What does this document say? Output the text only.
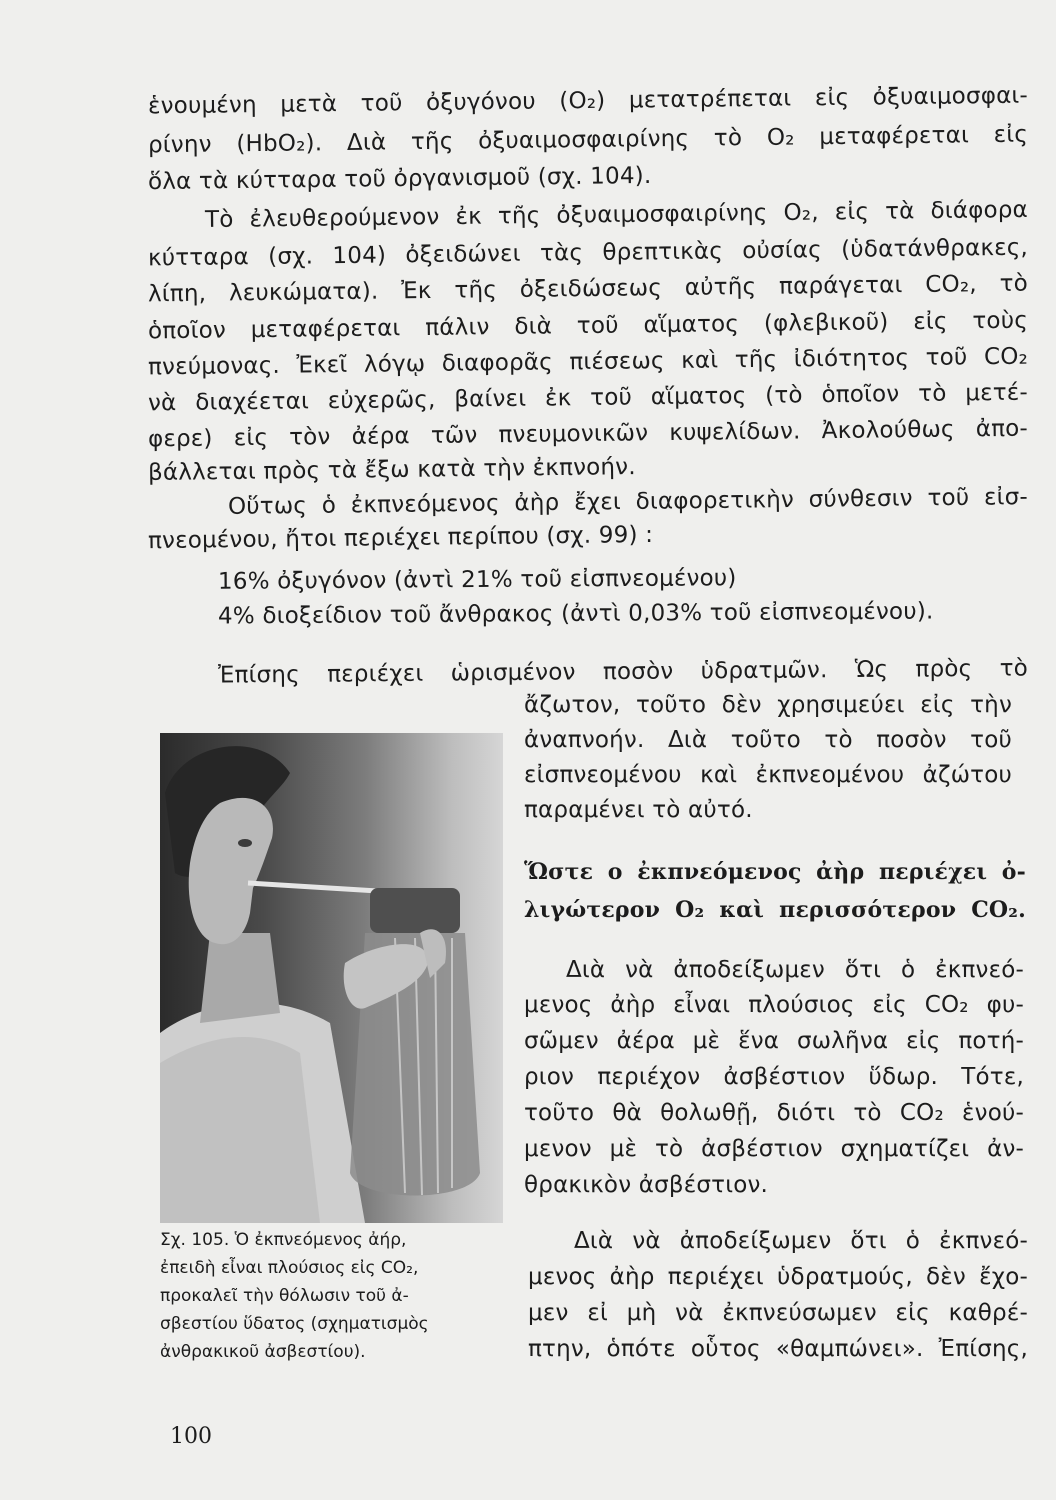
ἑνουμένη μετὰ τοῦ ὀξυγόνου (O₂) μετατρέπεται εἰς ὀξυαιμοσφαι-
ρίνην (HbO₂). Διὰ τῆς ὀξυαιμοσφαιρίνης τὸ O₂ μεταφέρεται εἰς
ὅλα τὰ κύτταρα τοῦ ὀργανισμοῦ (σχ. 104).
Τὸ ἐλευθερούμενον ἐκ τῆς ὀξυαιμοσφαιρίνης O₂, εἰς τὰ διάφορα
κύτταρα (σχ. 104) ὀξειδώνει τὰς θρεπτικὰς οὐσίας (ὑδατάνθρακες,
λίπη, λευκώματα). Ἐκ τῆς ὀξειδώσεως αὐτῆς παράγεται CO₂, τὸ
ὁποῖον μεταφέρεται πάλιν διὰ τοῦ αἵματος (φλεβικοῦ) εἰς τοὺς
πνεύμονας. Ἐκεῖ λόγῳ διαφορᾶς πιέσεως καὶ τῆς ἰδιότητος τοῦ CO₂
νὰ διαχέεται εὐχερῶς, βαίνει ἐκ τοῦ αἵματος (τὸ ὁποῖον τὸ μετέ-
φερε) εἰς τὸν ἀέρα τῶν πνευμονικῶν κυψελίδων. Ἀκολούθως ἀπο-
βάλλεται πρὸς τὰ ἔξω κατὰ τὴν ἐκπνοήν.
Οὕτως ὁ ἐκπνεόμενος ἀὴρ ἔχει διαφορετικὴν σύνθεσιν τοῦ εἰσ-
πνεομένου, ἤτοι περιέχει περίπου (σχ. 99) :
16% ὀξυγόνον (ἀντὶ 21% τοῦ εἰσπνεομένου)
4% διοξείδιον τοῦ ἄνθρακος (ἀντὶ 0,03% τοῦ εἰσπνεομένου).
Ἐπίσης περιέχει ὡρισμένον ποσὸν ὑδρατμῶν. Ὡς πρὸς τὸ
ἄζωτον, τοῦτο δὲν χρησιμεύει εἰς τὴν
ἀναπνοήν. Διὰ τοῦτο τὸ ποσὸν τοῦ
εἰσπνεομένου καὶ ἐκπνεομένου ἀζώτου
παραμένει τὸ αὐτό.
Ὥστε ο ἐκπνεόμενος ἀὴρ περιέχει ὀ-
λιγώτερον O₂ καὶ περισσότερον CO₂.
Διὰ νὰ ἀποδείξωμεν ὅτι ὁ ἐκπνεό-
μενος ἀὴρ εἶναι πλούσιος εἰς CO₂ φυ-
σῶμεν ἀέρα μὲ ἕνα σωλῆνα εἰς ποτή-
ριον περιέχον ἀσβέστιον ὕδωρ. Τότε,
τοῦτο θὰ θολωθῇ, διότι τὸ CO₂ ἑνού-
μενον μὲ τὸ ἀσβέστιον σχηματίζει ἀν-
θρακικὸν ἀσβέστιον.
Διὰ νὰ ἀποδείξωμεν ὅτι ὁ ἐκπνεό-
μενος ἀὴρ περιέχει ὑδρατμούς, δὲν ἔχο-
μεν εἰ μὴ νὰ ἐκπνεύσωμεν εἰς καθρέ-
πτην, ὁπότε οὗτος «θαμπώνει». Ἐπίσης,
Σχ. 105. Ὁ ἐκπνεόμενος ἀήρ,
ἐπειδὴ εἶναι πλούσιος εἰς CO₂,
προκαλεῖ τὴν θόλωσιν τοῦ ἀ-
σβεστίου ὕδατος (σχηματισμὸς
ἀνθρακικοῦ ἀσβεστίου).
100
